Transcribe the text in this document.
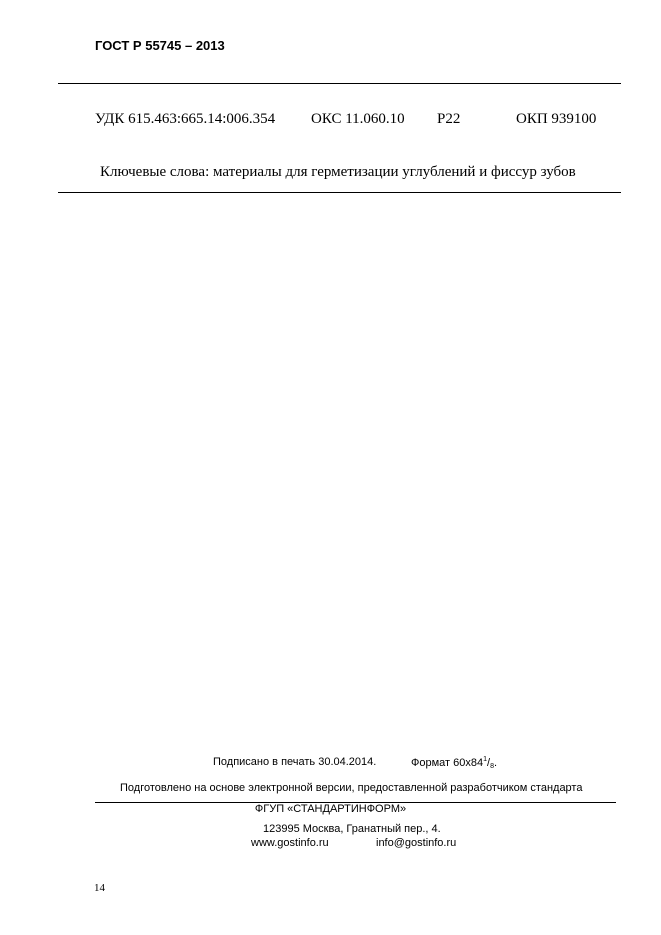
ГОСТ Р 55745 – 2013
УДК 615.463:665.14:006.354 ОКС 11.060.10 Р22	ОКП 939100
Ключевые слова: материалы для герметизации углублений и фиссур зубов
Подписано в печать 30.04.2014.	Формат $60x84^1/_8$.
Подготовлено на основе электронной версии, предоставленной разработчиком стандарта
ФГУП «СТАНДАРТИНФОРМ»
123995 Москва, Гранатный пер., 4.
www.gostinfo.ru	info@gostinfo.ru
14
